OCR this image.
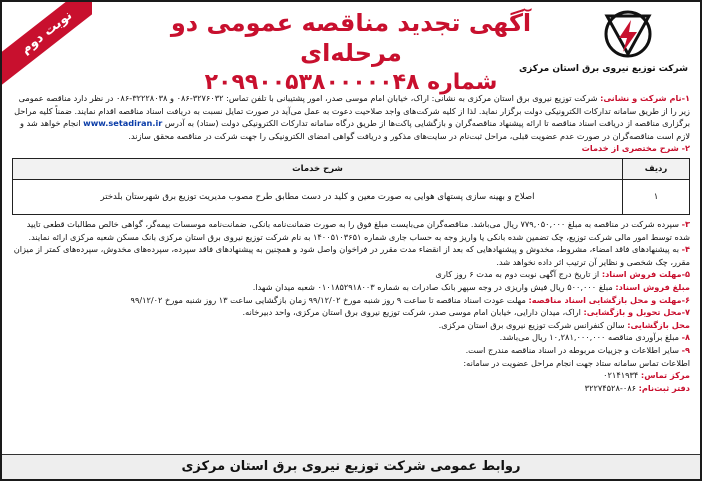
نوبت دوم
شرکت توزیع نیروی برق استان مرکزی
آگهی تجدید مناقصه عمومی دو مرحله‌ای
شماره ۲۰۹۹۰۰۵۳۸۰۰۰۰۰۴۸

۱-نام شرکت و نشانی: شرکت توزیع نیروی برق استان مرکزی به نشانی: اراک، خیابان امام موسی صدر، امور پشتیبانی با تلفن تماس: ۳۲۷۶۰۳۲-۰۸۶ و ۳۲۲۲۸۰۳۸-۰۸۶ در نظر دارد مناقصه عمومی زیر را از طریق سامانه تدارکات الکترونیکی دولت برگزار نماید. لذا از کلیه شرکت‌های واجد صلاحیت دعوت به عمل می‌آید در صورت تمایل نسبت به دریافت اسناد مناقصه اقدام نمایند. ضمناً کلیه مراحل برگزاری مناقصه از دریافت اسناد مناقصه تا ارائه پیشنهاد مناقصه‌گران و بازگشایی پاکت‌ها از طریق درگاه سامانه تدارکات الکترونیکی دولت (ستاد) به آدرس www.setadiran.ir انجام خواهد شد و لازم است مناقصه‌گران در صورت عدم عضویت قبلی، مراحل ثبت‌نام در سایت‌های مذکور و دریافت گواهی امضای الکترونیکی را جهت شرکت در مناقصه محقق سازند.

۲- شرح مختصری از خدمات

ردیف	شرح خدمات
۱	اصلاح و بهینه سازی پستهای هوایی به صورت معین و کلید در دست مطابق طرح مصوب مدیریت توزیع برق شهرستان بلدختر

۳- سپرده شرکت در مناقصه به مبلغ ۷۷۹,۰۵۰,۰۰۰ ریال می‌باشد. مناقصه‌گران می‌بایست مبلغ فوق را به صورت ضمانت‌نامه بانکی، ضمانت‌نامه موسسات بیمه‌گر، گواهی خالص مطالبات قطعی تایید شده توسط امور مالی شرکت توزیع، چک تضمین شده بانکی یا واریز وجه به حساب جاری شماره ۱۴۰۰۵۱۰۳۶۵۱ به نام شرکت توزیع نیروی برق استان مرکزی بانک مسکن شعبه مرکزی ارائه نمایند.

۴- به پیشنهادهای فاقد امضاء، مشروط، مخدوش و پیشنهادهایی که بعد از انقضاء مدت مقرر در فراخوان واصل شود و همچنین به پیشنهادهای فاقد سپرده، سپرده‌های مخدوش، سپرده‌های کمتر از میزان مقرر، چک شخصی و نظایر آن ترتیب اثر داده نخواهد شد.

۵-مهلت فروش اسناد: از تاریخ درج آگهی نوبت دوم به مدت ۶ روز کاری

مبلغ فروش اسناد: مبلغ ۵۰۰,۰۰۰ ریال فیش واریزی در وجه سپهر بانک صادرات به شماره ۰۱۰۱۸۵۲۹۱۸۰۰۳ شعبه میدان شهدا.

۶-مهلت و محل بازگشایی اسناد مناقصه: مهلت عودت اسناد مناقصه تا ساعت ۹ روز شنبه مورخ ۹۹/۱۲/۰۲ زمان بازگشایی ساعت ۱۳ روز شنبه مورخ ۹۹/۱۲/۰۲

۷-محل تحویل و بازگشایی: اراک، میدان دارایی، خیابان امام موسی صدر، شرکت توزیع نیروی برق استان مرکزی، واحد دبیرخانه.

محل بازگشایی: سالن کنفرانس شرکت توزیع نیروی برق استان مرکزی.

۸- مبلغ برآوردی مناقصه ۱۰,۲۸۱,۰۰۰,۰۰۰ ریال می‌باشد.

۹- سایر اطلاعات و جزییات مربوطه در اسناد مناقصه مندرج است.

اطلاعات تماس سامانه ستاد جهت انجام مراحل عضویت در سامانه:

مرکز تماس: ۰۲۱۴۱۹۳۴
دفتر ثبت‌نام: ۰۸۶-۳۲۲۷۴۵۲۸
روابط عمومی شرکت توزیع نیروی برق استان مرکزی
